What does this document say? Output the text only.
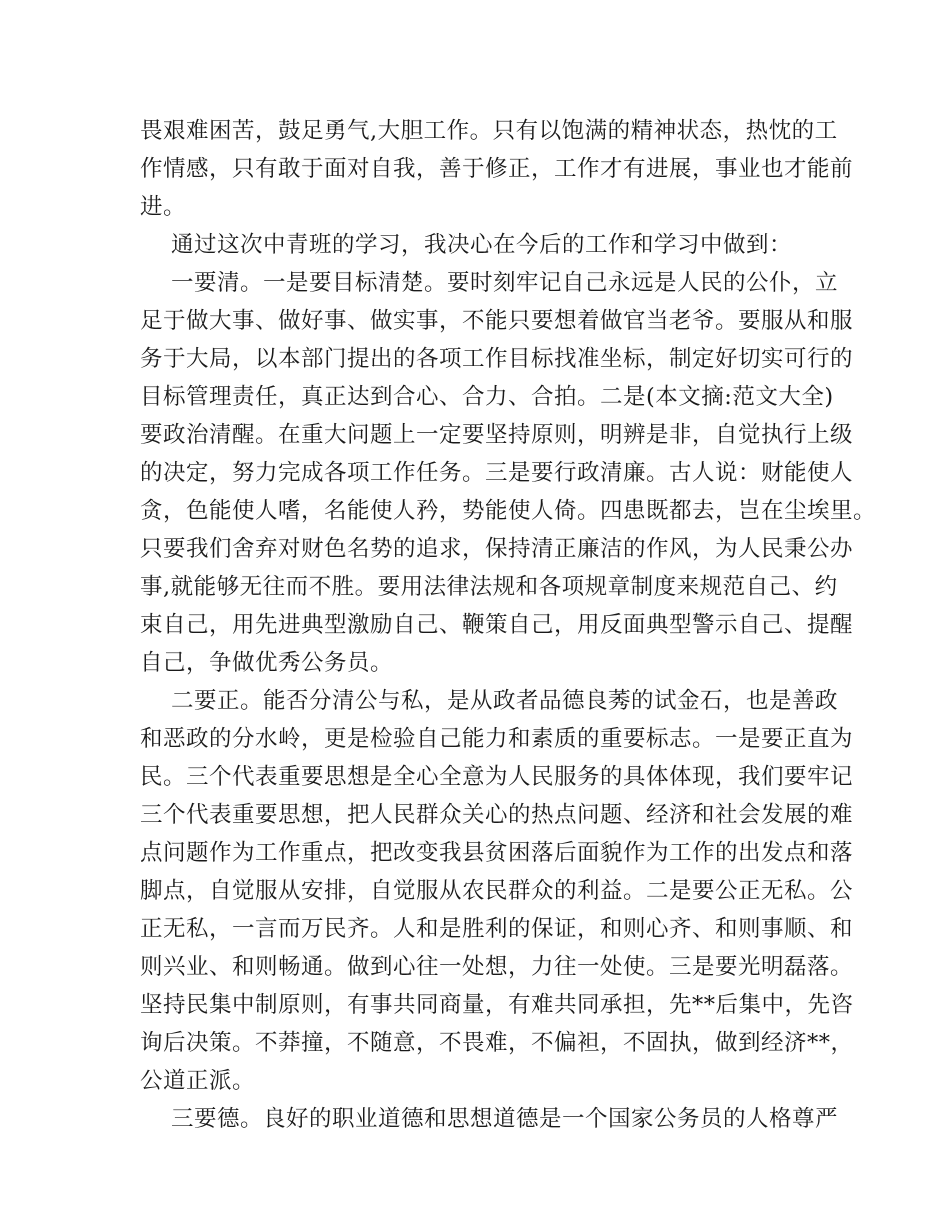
畏艰难困苦，鼓足勇气,大胆工作。只有以饱满的精神状态，热忱的工
作情感，只有敢于面对自我，善于修正，工作才有进展，事业也才能前
进。
通过这次中青班的学习，我决心在今后的工作和学习中做到：
一要清。一是要目标清楚。要时刻牢记自己永远是人民的公仆，立
足于做大事、做好事、做实事，不能只要想着做官当老爷。要服从和服
务于大局，以本部门提出的各项工作目标找准坐标，制定好切实可行的
目标管理责任，真正达到合心、合力、合拍。二是(本文摘:范文大全)
要政治清醒。在重大问题上一定要坚持原则，明辨是非，自觉执行上级
的决定，努力完成各项工作任务。三是要行政清廉。古人说：财能使人
贪，色能使人嗜，名能使人矜，势能使人倚。四患既都去，岂在尘埃里。
只要我们舍弃对财色名势的追求，保持清正廉洁的作风，为人民秉公办
事,就能够无往而不胜。要用法律法规和各项规章制度来规范自己、约
束自己，用先进典型激励自己、鞭策自己，用反面典型警示自己、提醒
自己，争做优秀公务员。
二要正。能否分清公与私，是从政者品德良莠的试金石，也是善政
和恶政的分水岭，更是检验自己能力和素质的重要标志。一是要正直为
民。三个代表重要思想是全心全意为人民服务的具体体现，我们要牢记
三个代表重要思想，把人民群众关心的热点问题、经济和社会发展的难
点问题作为工作重点，把改变我县贫困落后面貌作为工作的出发点和落
脚点，自觉服从安排，自觉服从农民群众的利益。二是要公正无私。公
正无私，一言而万民齐。人和是胜利的保证，和则心齐、和则事顺、和
则兴业、和则畅通。做到心往一处想，力往一处使。三是要光明磊落。
坚持民集中制原则，有事共同商量，有难共同承担，先**后集中，先咨
询后决策。不莽撞，不随意，不畏难，不偏袒，不固执，做到经济**，
公道正派。
三要德。良好的职业道德和思想道德是一个国家公务员的人格尊严
